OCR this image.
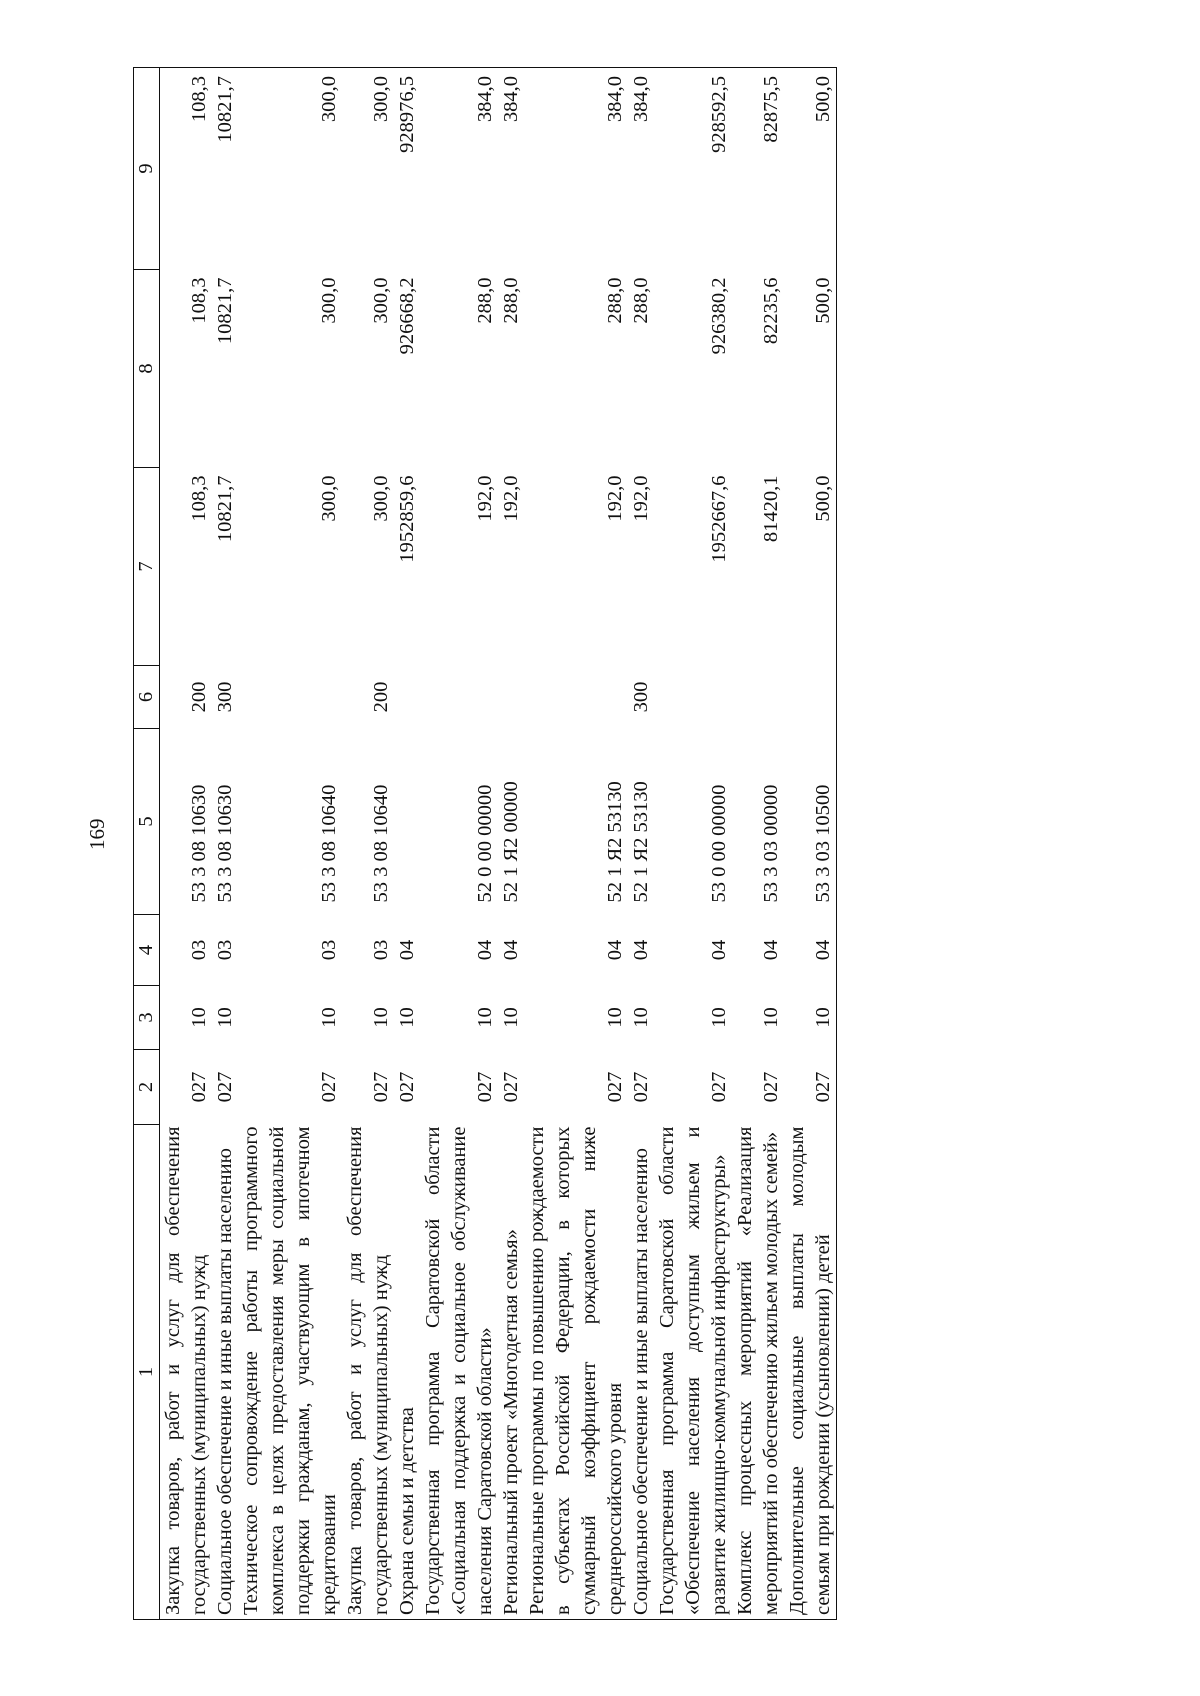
169
1	2	3	4	5	6	7	8	9
Закупка товаров, работ и услуг для обеспечения государственных (муниципальных) нужд	027	10	03	53 3 08 10630	200	108,3	108,3	108,3
Социальное обеспечение и иные выплаты населению	027	10	03	53 3 08 10630	300	10821,7	10821,7	10821,7
Техническое сопровождение работы программного комплекса в целях предоставления меры социальной поддержки гражданам, участвующим в ипотечном кредитовании	027	10	03	53 3 08 10640		300,0	300,0	300,0
Закупка товаров, работ и услуг для обеспечения государственных (муниципальных) нужд	027	10	03	53 3 08 10640	200	300,0	300,0	300,0
Охрана семьи и детства	027	10	04			1952859,6	926668,2	928976,5
Государственная программа Саратовской области «Социальная поддержка и социальное обслуживание населения Саратовской области»	027	10	04	52 0 00 00000		192,0	288,0	384,0
Региональный проект «Многодетная семья»	027	10	04	52 1 Я2 00000		192,0	288,0	384,0
Региональные программы по повышению рождаемости в субъектах Российской Федерации, в которых суммарный коэффициент рождаемости ниже среднероссийского уровня	027	10	04	52 1 Я2 53130		192,0	288,0	384,0
Социальное обеспечение и иные выплаты населению	027	10	04	52 1 Я2 53130	300	192,0	288,0	384,0
Государственная программа Саратовской области «Обеспечение населения доступным жильем и развитие жилищно-коммунальной инфраструктуры»	027	10	04	53 0 00 00000		1952667,6	926380,2	928592,5
Комплекс процессных мероприятий «Реализация мероприятий по обеспечению жильем молодых семей»	027	10	04	53 3 03 00000		81420,1	82235,6	82875,5
Дополнительные социальные выплаты молодым семьям при рождении (усыновлении) детей	027	10	04	53 3 03 10500		500,0	500,0	500,0
